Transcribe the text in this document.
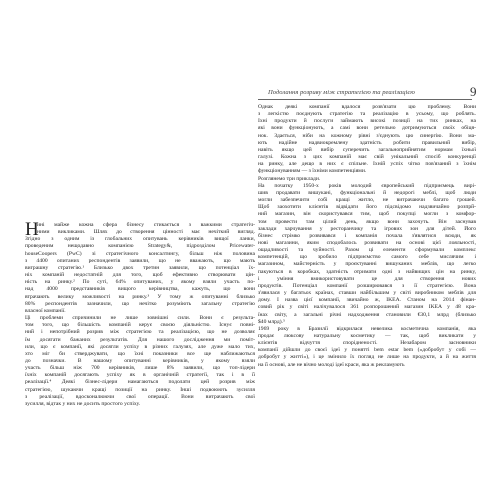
Подолання розриву між стратегією та реалізацією	9
Н

ині майже кожна сфера бізнесу стикається з важкими стратегіч-
ними викликами. Шлях до створення цінності має нечіткий вигляд.
Згідно з одним із глобальних опитувань керівників вищої ланки,
проведеним нещодавно компанією Strategy&, підрозділом Pricewater-
houseCoopers (PwC) зі стратегічного консалтингу, більш ніж половина
з 4400 опитаних респондентів заявили, що не вважають, що мають
виграшну стратегію.¹ Близько двох третин заявили, що потенціал їх-
ніх компаній недостатній для того, щоб ефективно створювати цін-
ність на ринку.² По суті, 64% опитуваних, у якому взяли участь по-
над 4000 представників вищого керівництва, кажуть, що вони
втрачають велику можливості на ринку.³ У тому ж опитуванні близько
80% респондентів зазначили, що нечітко розуміють загальну стратегію
власної компанії.

Ці проблеми спричинили не лише зовнішні сили. Вони є результа-
том того, що більшість компаній керує своєю діяльністю. Існує повні-
ний і непотрібний розрив між стратегією та реалізацією, що не дозволяє
їм досягати бажаних результатів. Для нашого дослідження ми поміт-
или, що є компанії, які досягли успіху в різних галузях, але дуже мало тих,
хто міг би стверджувати, що їхні показники все ще наближаються
до позначки. В нашому опитуванні керівників, у якому взяли
участь більш ніж 700 керівників, лише 8% заявили, що топ-лідери
їхніх компаній досягають успіху як в органічній стратегії, так і в її
реалізації.⁴ Деякі бізнес-лідери намагаються подолати цей розрив між
стратегією, шукаючи кращі позиції на ринку. Інші подвоюють зусилля
з реалізації, вдосконалюючи свої операції. Вони витрачають свої
зусилля, відтак у них не досить простого успіху.

Однак деякі компанії вдалося розв'язати цю проблему. Вони
з легкістю поєднують стратегію та реалізацію в усьому, що роблять.
Їхні продукти й послуги займають високі позиції на тих ринках, на
які вони функціонують, а самі вони ретельно дотримуються своїх обіця-
нок. Здається, ніби на кожному рівні з'єднують цю синергію. Вони ма-
ють надійне надвиокремлену здатність робити правильний вибір,
навіть якщо цей вибір суперечить загальноприйнятим нормам їхньої
галузі. Кожна з цих компаній має свій унікальний спосіб конкуренції
на ринку, але дещо в них є спільне. Їхній успіх чітко пов'язаний з їхнім
функціонуванням — з їхніми компетенціями.

Розглянемо три приклади.

На початку 1950-х років молодий європейський підприємець вирі-
шив продавати вишукані, функціональні й недорогі меблі, щоб люди
могли забезпечити собі кращі житло, не витрачаючи багато грошей.
Щоб заохотити клієнтів відвідати його підсвідомо надзвичайно розпрй-
ний магазин, він скористувався тим, щоб покупці могли з комфор-
том провести там цілий день, якщо вони захочуть. Він заснував
заклади харчування у ресторанчику та ігрових зон для дітей. Його
бізнес стрімко розвивався і компанія почала з'являтися всюди, як
нові магазини, яким сподобалось розвивати на основі цієї лояльності,
ощадливості та чуйності. Разом ці елементи сформували комплекс
компетенцій, що зробило підприємство самого себе мислячим і
магазином, майстерність у проєктуванні вишуканих меблів, що легко
пакуються в коробках, здатність отримати одні з найвищих цін на ринку,
і уміння вмикористовувати це для створення нових
продуктів. Потенціал компанії розширювався з її стратегією. Вона
з'явилася у багатьох країнах, ставши найбільшим у світі виробником меблів для
дому. І назва цієї компанії, звичайно ж, IKEA. Станом на 2014 фінан-
совий рік у світі налічувалося 361 розпорошений магазин IKEA у 48 кра-
їнах світу, а загальні річні надходження становили €30,1 млрд (близько
$40 млрд).⁵

1969 року в Бразилії відкрилася невелика косметична компанія, яка
продає люксову натуральну косметику — так, щоб викликати у
клієнтів відчуття спорідненості. Незабаром засновники
компанії дійшли до своєї ідеї у понятті bem estar bem («добробут у собі —
добробут у житті»), і це змінило їх погляд не лише на продукти, а й на життя
на її основі, але не вічно молоді ідеї краси, яка ж рекламують
